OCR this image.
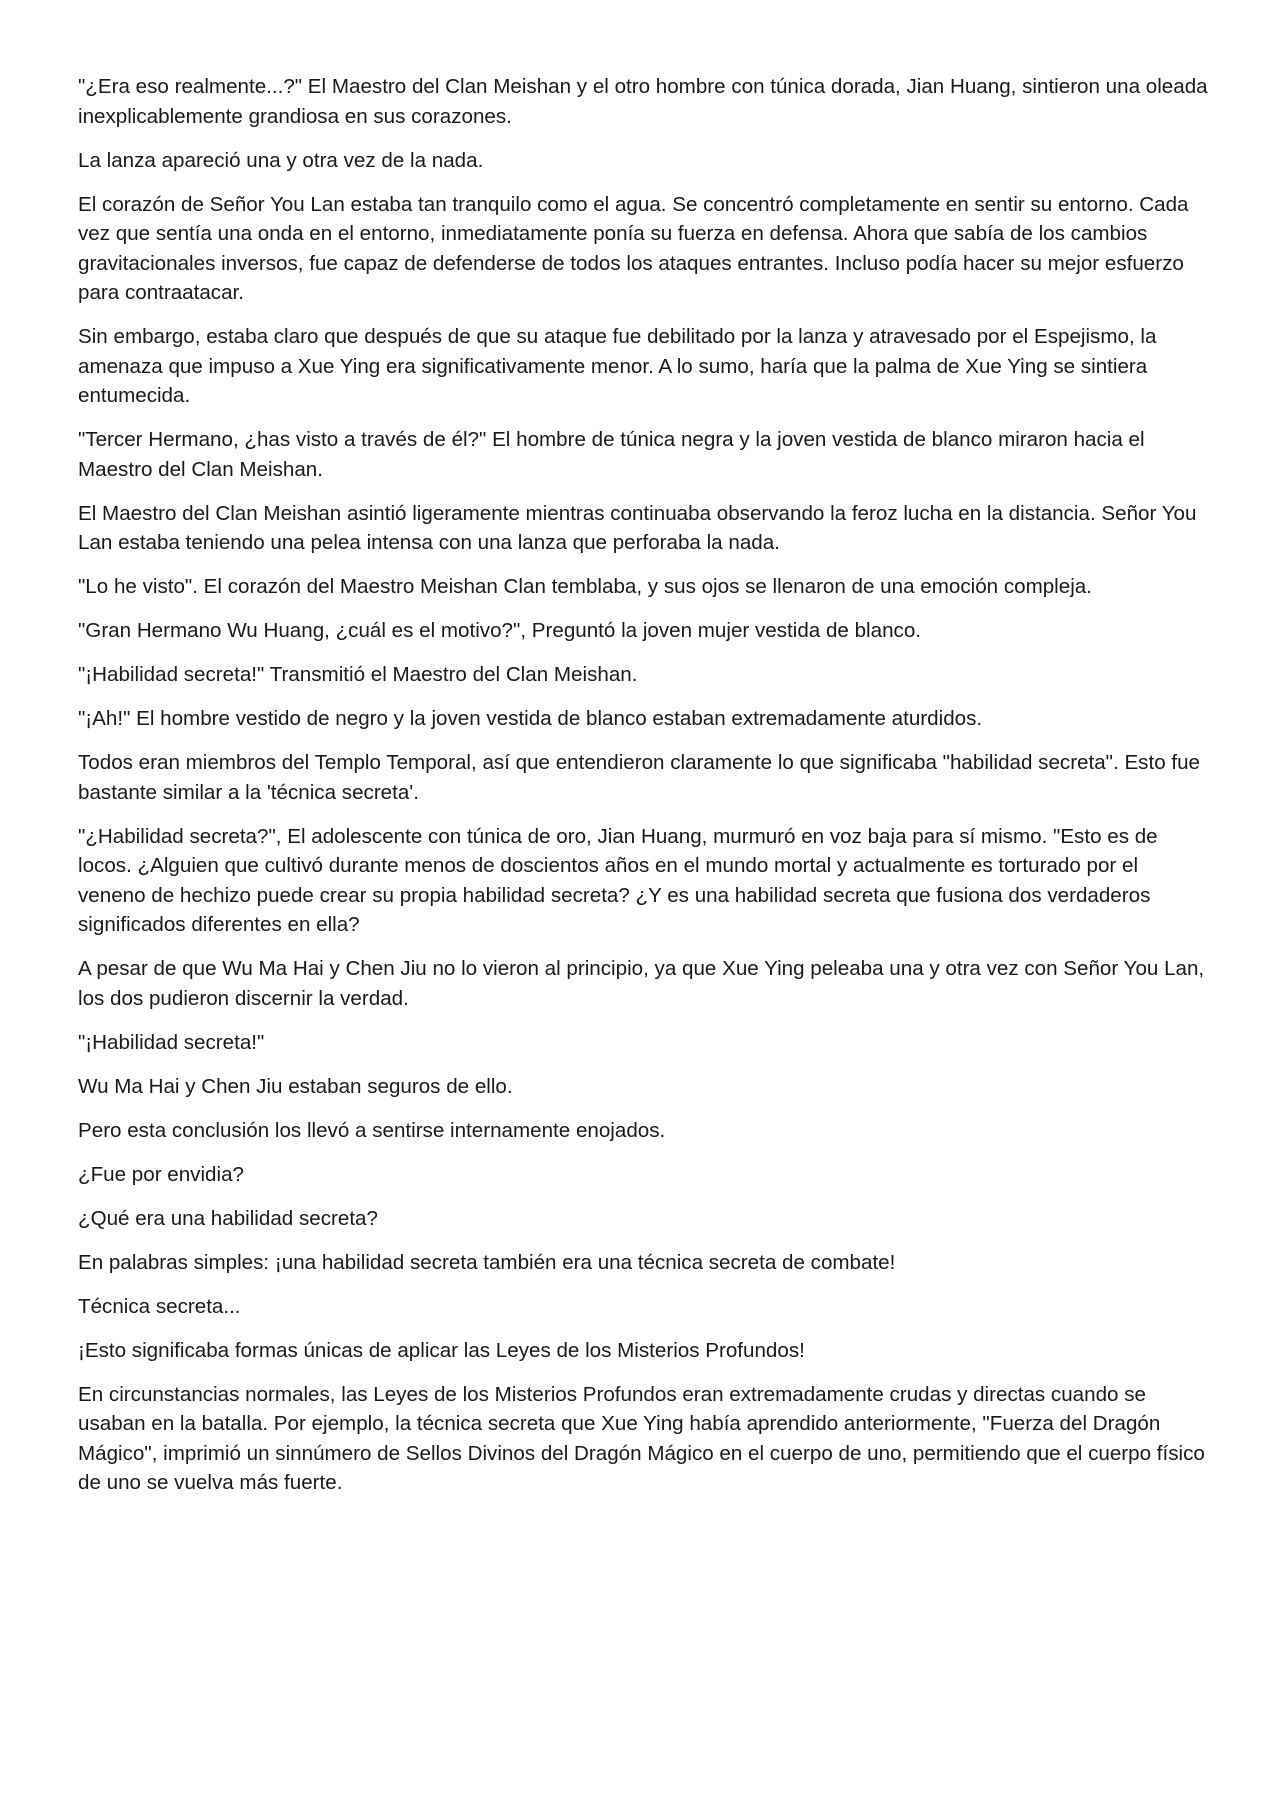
"¿Era eso realmente...?" El Maestro del Clan Meishan y el otro hombre con túnica dorada, Jian Huang, sintieron una oleada inexplicablemente grandiosa en sus corazones.

La lanza apareció una y otra vez de la nada.

El corazón de Señor You Lan estaba tan tranquilo como el agua. Se concentró completamente en sentir su entorno. Cada vez que sentía una onda en el entorno, inmediatamente ponía su fuerza en defensa. Ahora que sabía de los cambios gravitacionales inversos, fue capaz de defenderse de todos los ataques entrantes. Incluso podía hacer su mejor esfuerzo para contraatacar.

Sin embargo, estaba claro que después de que su ataque fue debilitado por la lanza y atravesado por el Espejismo, la amenaza que impuso a Xue Ying era significativamente menor. A lo sumo, haría que la palma de Xue Ying se sintiera entumecida.

"Tercer Hermano, ¿has visto a través de él?" El hombre de túnica negra y la joven vestida de blanco miraron hacia el Maestro del Clan Meishan.

El Maestro del Clan Meishan asintió ligeramente mientras continuaba observando la feroz lucha en la distancia. Señor You Lan estaba teniendo una pelea intensa con una lanza que perforaba la nada.

"Lo he visto". El corazón del Maestro Meishan Clan temblaba, y sus ojos se llenaron de una emoción compleja.

"Gran Hermano Wu Huang, ¿cuál es el motivo?", Preguntó la joven mujer vestida de blanco.

"¡Habilidad secreta!" Transmitió el Maestro del Clan Meishan.

"¡Ah!" El hombre vestido de negro y la joven vestida de blanco estaban extremadamente aturdidos.

Todos eran miembros del Templo Temporal, así que entendieron claramente lo que significaba "habilidad secreta". Esto fue bastante similar a la 'técnica secreta'.

"¿Habilidad secreta?", El adolescente con túnica de oro, Jian Huang, murmuró en voz baja para sí mismo. "Esto es de locos. ¿Alguien que cultivó durante menos de doscientos años en el mundo mortal y actualmente es torturado por el veneno de hechizo puede crear su propia habilidad secreta? ¿Y es una habilidad secreta que fusiona dos verdaderos significados diferentes en ella?

A pesar de que Wu Ma Hai y Chen Jiu no lo vieron al principio, ya que Xue Ying peleaba una y otra vez con Señor You Lan, los dos pudieron discernir la verdad.

"¡Habilidad secreta!"

Wu Ma Hai y Chen Jiu estaban seguros de ello.

Pero esta conclusión los llevó a sentirse internamente enojados.

¿Fue por envidia?

¿Qué era una habilidad secreta?

En palabras simples: ¡una habilidad secreta también era una técnica secreta de combate!

Técnica secreta...

¡Esto significaba formas únicas de aplicar las Leyes de los Misterios Profundos!

En circunstancias normales, las Leyes de los Misterios Profundos eran extremadamente crudas y directas cuando se usaban en la batalla. Por ejemplo, la técnica secreta que Xue Ying había aprendido anteriormente, "Fuerza del Dragón Mágico", imprimió un sinnúmero de Sellos Divinos del Dragón Mágico en el cuerpo de uno, permitiendo que el cuerpo físico de uno se vuelva más fuerte.
